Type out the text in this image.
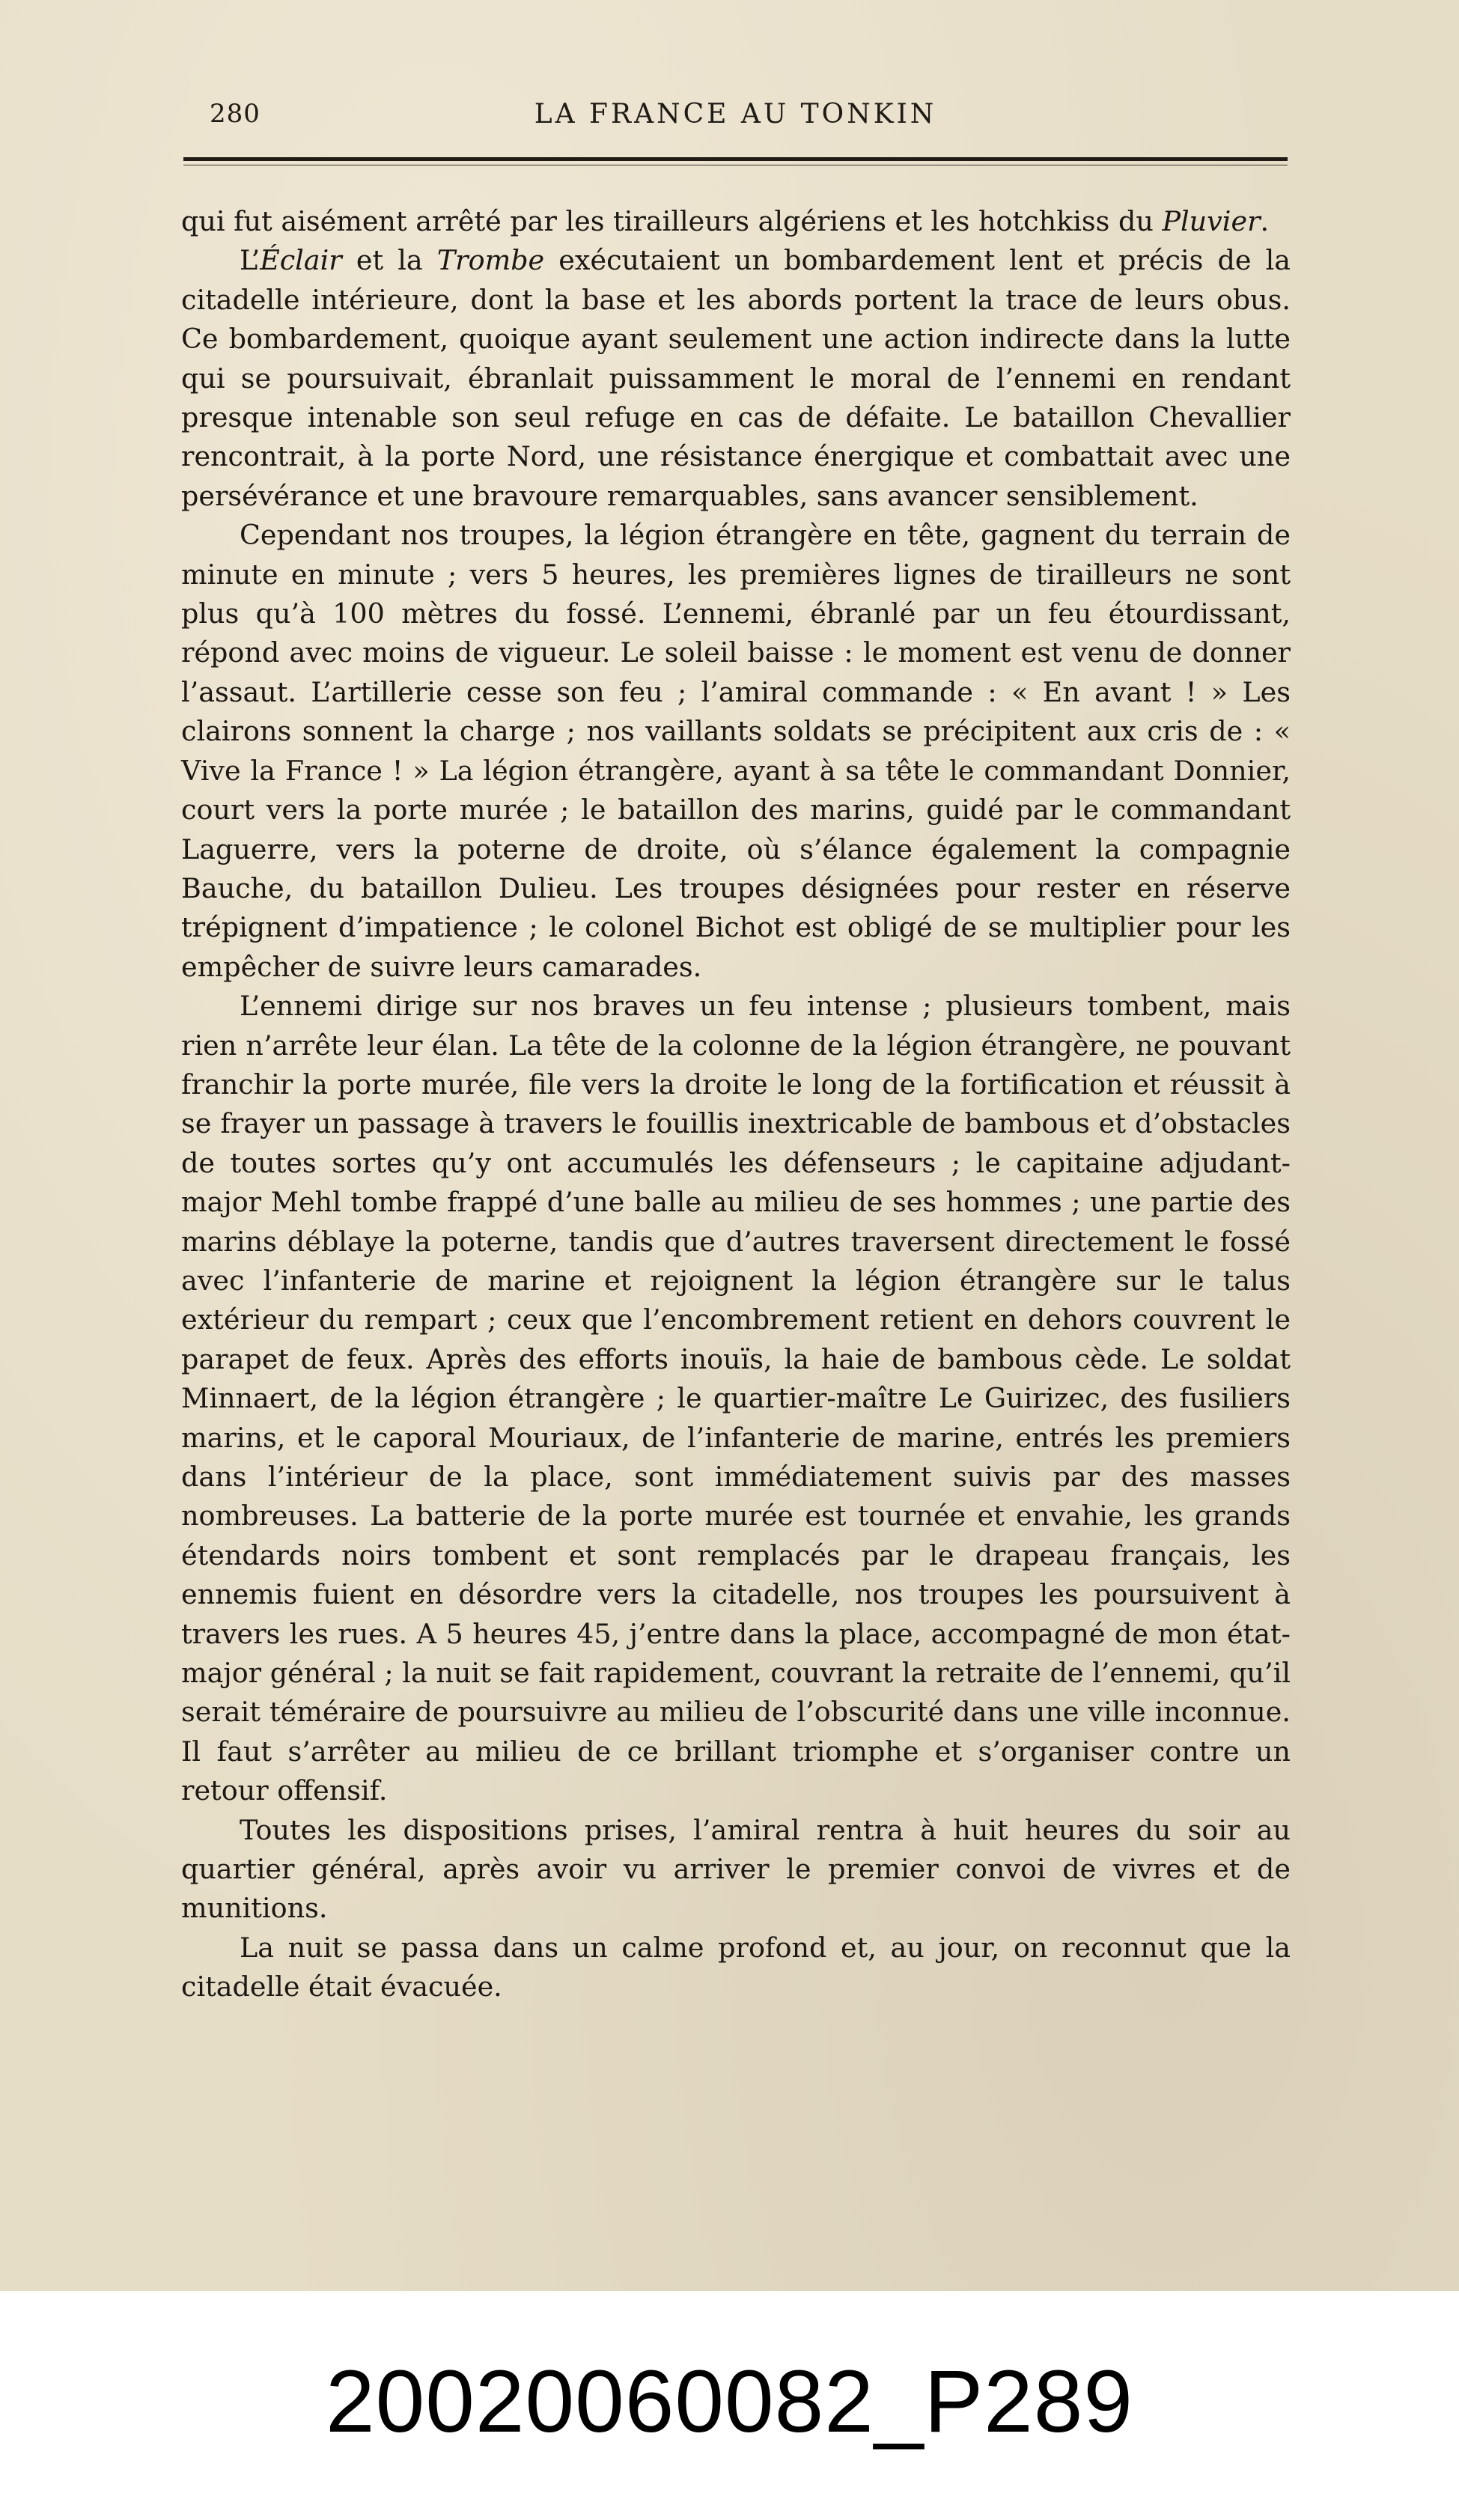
280	LA FRANCE AU TONKIN

qui fut aisément arrêté par les tirailleurs algériens et les hotchkiss du Pluvier.

L’Éclair et la Trombe exécutaient un bombardement lent et précis de la citadelle intérieure, dont la base et les abords portent la trace de leurs obus. Ce bombardement, quoique ayant seulement une action indirecte dans la lutte qui se poursuivait, ébranlait puissamment le moral de l’ennemi en rendant presque intenable son seul refuge en cas de défaite. Le bataillon Chevallier rencontrait, à la porte Nord, une résistance énergique et combattait avec une persévérance et une bravoure remarquables, sans avancer sensiblement.

Cependant nos troupes, la légion étrangère en tête, gagnent du terrain de minute en minute ; vers 5 heures, les premières lignes de tirailleurs ne sont plus qu’à 100 mètres du fossé. L’ennemi, ébranlé par un feu étourdissant, répond avec moins de vigueur. Le soleil baisse : le moment est venu de donner l’assaut. L’artillerie cesse son feu ; l’amiral commande : « En avant ! » Les clairons sonnent la charge ; nos vaillants soldats se précipitent aux cris de : « Vive la France ! » La légion étrangère, ayant à sa tête le commandant Donnier, court vers la porte murée ; le bataillon des marins, guidé par le commandant Laguerre, vers la poterne de droite, où s’élance également la compagnie Bauche, du bataillon Dulieu. Les troupes désignées pour rester en réserve trépignent d’impatience ; le colonel Bichot est obligé de se multiplier pour les empêcher de suivre leurs camarades.

L’ennemi dirige sur nos braves un feu intense ; plusieurs tombent, mais rien n’arrête leur élan. La tête de la colonne de la légion étrangère, ne pouvant franchir la porte murée, file vers la droite le long de la fortification et réussit à se frayer un passage à travers le fouillis inextricable de bambous et d’obstacles de toutes sortes qu’y ont accumulés les défenseurs ; le capitaine adjudant-major Mehl tombe frappé d’une balle au milieu de ses hommes ; une partie des marins déblaye la poterne, tandis que d’autres traversent directement le fossé avec l’infanterie de marine et rejoignent la légion étrangère sur le talus extérieur du rempart ; ceux que l’encombrement retient en dehors couvrent le parapet de feux. Après des efforts inouïs, la haie de bambous cède. Le soldat Minnaert, de la légion étrangère ; le quartier-maître Le Guirizec, des fusiliers marins, et le caporal Mouriaux, de l’infanterie de marine, entrés les premiers dans l’intérieur de la place, sont immédiatement suivis par des masses nombreuses. La batterie de la porte murée est tournée et envahie, les grands étendards noirs tombent et sont remplacés par le drapeau français, les ennemis fuient en désordre vers la citadelle, nos troupes les poursuivent à travers les rues. A 5 heures 45, j’entre dans la place, accompagné de mon état-major général ; la nuit se fait rapidement, couvrant la retraite de l’ennemi, qu’il serait téméraire de poursuivre au milieu de l’obscurité dans une ville inconnue. Il faut s’arrêter au milieu de ce brillant triomphe et s’organiser contre un retour offensif.

Toutes les dispositions prises, l’amiral rentra à huit heures du soir au quartier général, après avoir vu arriver le premier convoi de vivres et de munitions.

La nuit se passa dans un calme profond et, au jour, on reconnut que la citadelle était évacuée.

20020060082_P289
